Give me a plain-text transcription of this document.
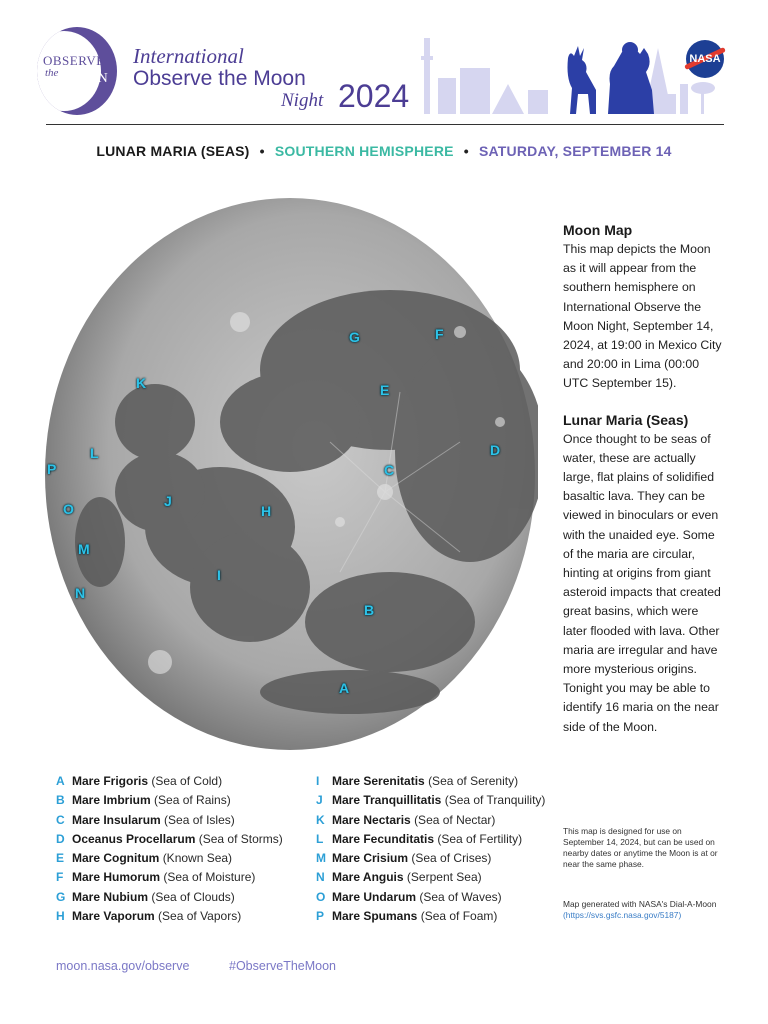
OBSERVE
the MOON
International
Observe the Moon
Night 2024
NASA
LUNAR MARIA (SEAS) • SOUTHERN HEMISPHERE • SATURDAY, SEPTEMBER 14
A
B
C
D
E
F
G
H
I
J
K
L
M
N
O
P
Moon Map

This map depicts the Moon as it will appear from the southern hemisphere on International Observe the Moon Night, September 14, 2024, at 19:00 in Mexico City and 20:00 in Lima (00:00 UTC September 15).

Lunar Maria (Seas)

Once thought to be seas of water, these are actually large, flat plains of solidified basaltic lava. They can be viewed in binoculars or even with the unaided eye. Some of the maria are circular, hinting at origins from giant asteroid impacts that created great basins, which were later flooded with lava. Other maria are irregular and have more mysterious origins. Tonight you may be able to identify 16 maria on the near side of the Moon.

A Mare Frigoris (Sea of Cold)
B Mare Imbrium (Sea of Rains)
C Mare Insularum (Sea of Isles)
D Oceanus Procellarum (Sea of Storms)
E Mare Cognitum (Known Sea)
F Mare Humorum (Sea of Moisture)
G Mare Nubium (Sea of Clouds)
H Mare Vaporum (Sea of Vapors)
I Mare Serenitatis (Sea of Serenity)
J Mare Tranquillitatis (Sea of Tranquility)
K Mare Nectaris (Sea of Nectar)
L Mare Fecunditatis (Sea of Fertility)
M Mare Crisium (Sea of Crises)
N Mare Anguis (Serpent Sea)
O Mare Undarum (Sea of Waves)
P Mare Spumans (Sea of Foam)
This map is designed for use on September 14, 2024, but can be used on nearby dates or anytime the Moon is at or near the same phase.
Map generated with NASA's Dial-A-Moon
(https://svs.gsfc.nasa.gov/5187)
moon.nasa.gov/observe	#ObserveTheMoon
